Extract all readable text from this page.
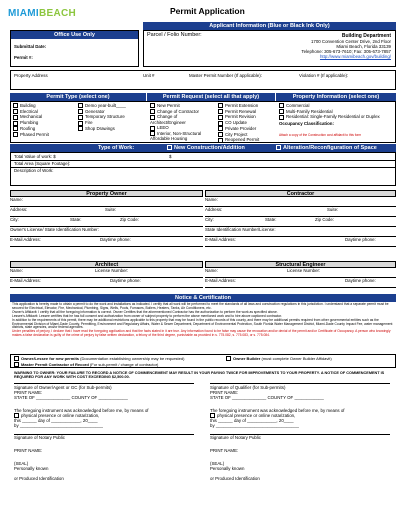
MIAMIBEACH	Permit Application
Applicant Information (Blue or Black Ink Only)
Office Use Only
Submittal Date:
Permit #:
Parcel / Folio Number:	Building Department
1700 Convention Center Drive, 2nd Floor
Miami Beach, Florida 33139
Telephone: 305-673-7610; Fax: 305-673-7857
http://www.miamibeach.gov/building/
Property Address	Unit #	Master Permit Number (If applicable):	Violation # (If applicable):
Permit Type (select one)	Permit Request (select all that apply)	Property Information (select one)
Building
Electrical
Mechanical
Plumbing
Roofing
Phased Permit
Demo year-built____
Generator
Temporary Structure
Fire
Shop Drawings
New Permit
Change of Contractor
Change of Architect/Engineer
LEEO
Interior, Non-Structural Affordable Housing
Permit Extension
Permit Renewal
Permit Revision
CO Update
Private Provider
City Project
Reopened Permit
Commercial
Multi-Family Residential
Residential: Single-Family Residential or Duplex
Occupancy Classification:
Attach a copy of the Construction cost affidavit to this form
Type of Work:	New Construction/Addition	Alteration/Reconfiguration of Space
Total Value of work: $	$
Total Area (Square Footage):
Description of Work:
Property Owner
Name:
Address:	Suite:
City:	State:	Zip Code:
Owner's License/ State Identification Number:
E-Mail Address:	Daytime phone:
Contractor
Name:
Address:	Suite:
City:	State:	Zip Code:
State Identification Number/License:
E-Mail Address:	Daytime phone:
Architect
Name:	License Number:
E-Mail Address:	Daytime phone:
Structural Engineer
Name:	License Number:
E-Mail Address:	Daytime phone:
Notice & Certification

This application is hereby made to obtain a permit to do the work and installations as indicated. I certify that all work will be performed to meet the standards of all laws and construction regulations in this jurisdiction. I understand that a separate permit must be secured for Electrical, Elevator, Fire, Mechanical, Plumbing, Signs, Wells, Pools, Furnaces, Boilers, Heaters, Tanks, Air Conditioners, etc.

Owner's Affidavit: I certify that all the foregoing information is correct. Owner Certifies that the aforementioned Contractor has the authorization to perform the work as specified above.

Lessee's Affidavit: Lessee certifies that he has full consent and authorization from owner of subject property to perform the above mentioned work and to hire above captioned contractor.

In addition to the requirements of this permit, there may be additional restrictions applicable to this property that may be found in the public records of this county, and there may be additional permits required from other governmental entities such as the Environmental Division of Miami-Dade County, Permitting, Environment and Regulatory Affairs, Water & Sewer Department, Department of Environmental Protection, South Florida Water Management District, Miami-Dade County Impact Fee, water management districts, state agencies, and/or federal agencies.

Under penalties of perjury, I declare that I have read the foregoing application and that the facts stated in it are true. Any information found to be false may cause the revocation and/or denial of the permit and/or Certificate of Occupancy. A person who knowingly makes a false declaration is guilty of the crime of perjury by false written declaration, a felony of the third degree, punishable as provided in s. 775.082, s. 775.083, or s. 775.084.

Owner/Lessee for new permits (Documentation establishing ownership may be requested)	Owner Builder (must complete Owner Builder Affidavit)
Master Permit Contractor of Record (For sub-permit / change of contractor)
WARNING TO OWNER: YOUR FAILURE TO RECORD A NOTICE OF COMMENCEMENT MAY RESULT IN YOUR PAYING TWICE FOR IMPROVEMENTS TO YOUR PROPERTY. A NOTICE OF COMMENCEMENT IS REQUIRED FOR ANY WORK WITH COST EXCEEDING $2,500.00.
Signature of Owner/Agent or GC (for Sub-permits)
PRINT NAME:
STATE OF ______________ COUNTY OF ____________
The foregoing instrument was acknowledged before me, by means of
physical presence or online notarization,
this ______ day of ____________, 20____
by __________________________________
Signature of Notary Public
PRINT NAME:
(SEAL)
Personally known
or Produced Identification
Signature of Qualifier (for Sub-permits)
PRINT NAME:
STATE OF ______________ COUNTY OF ____________
The foregoing instrument was acknowledged before me, by means of
physical presence or online notarization,
this ______ day of ____________, 20____
by __________________________________
Signature of Notary Public
PRINT NAME:
(SEAL)
Personally known
or Produced Identification
